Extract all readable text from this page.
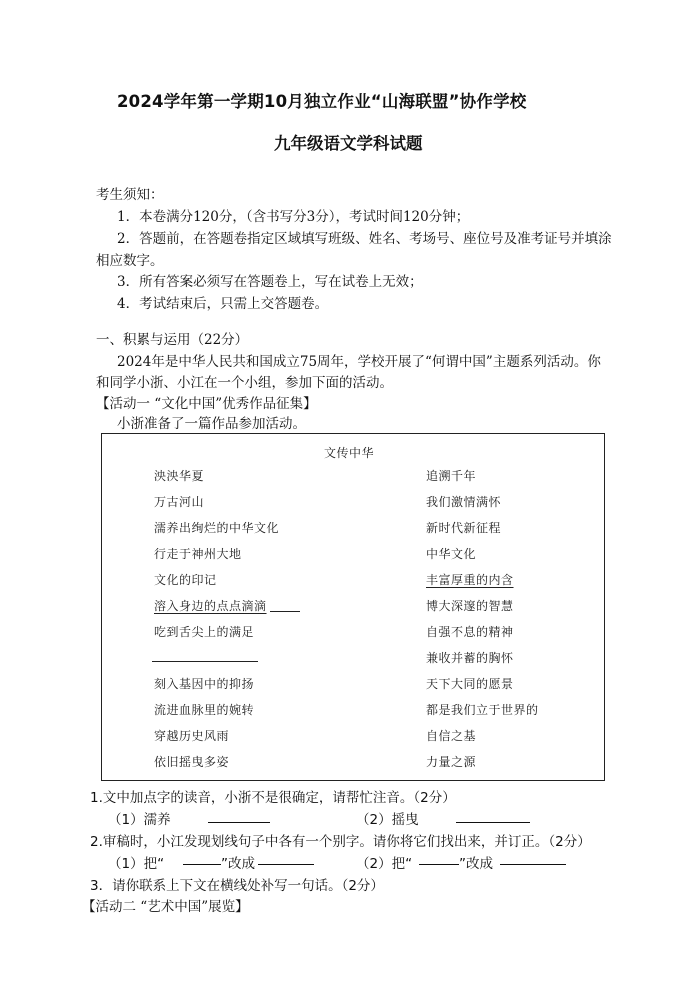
2024学年第一学期10月独立作业“山海联盟”协作学校
九年级语文学科试题
考生须知：
1．本卷满分120分，（含书写分3分），考试时间120分钟；
2．答题前，在答题卷指定区域填写班级、姓名、考场号、座位号及准考证号并填涂
相应数字。
3．所有答案必须写在答题卷上，写在试卷上无效；
4．考试结束后，只需上交答题卷。
一、积累与运用（22分）
2024年是中华人民共和国成立75周年，学校开展了“何谓中国”主题系列活动。你
和同学小浙、小江在一个小组，参加下面的活动。
【活动一 “文化中国”优秀作品征集】
小浙准备了一篇作品参加活动。
文传中华
泱泱华夏
万古河山
濡养出绚烂的中华文化
行走于神州大地
文化的印记
溶入身边的点点滴滴
吃到舌尖上的满足
刻入基因中的抑扬
流进血脉里的婉转
穿越历史风雨
依旧摇曳多姿
追溯千年
我们激情满怀
新时代新征程
中华文化
丰富厚重的内含
博大深邃的智慧
自强不息的精神
兼收并蓄的胸怀
天下大同的愿景
都是我们立于世界的
自信之基
力量之源
1.文中加点字的读音，小浙不是很确定，请帮忙注音。（2分）
（1）濡养	（2）摇曳
2.审稿时，小江发现划线句子中各有一个别字。请你将它们找出来，并订正。（2分）
（1）把“	”改成	（2）把“	”改成
3．请你联系上下文在横线处补写一句话。（2分）
【活动二 “艺术中国”展览】
